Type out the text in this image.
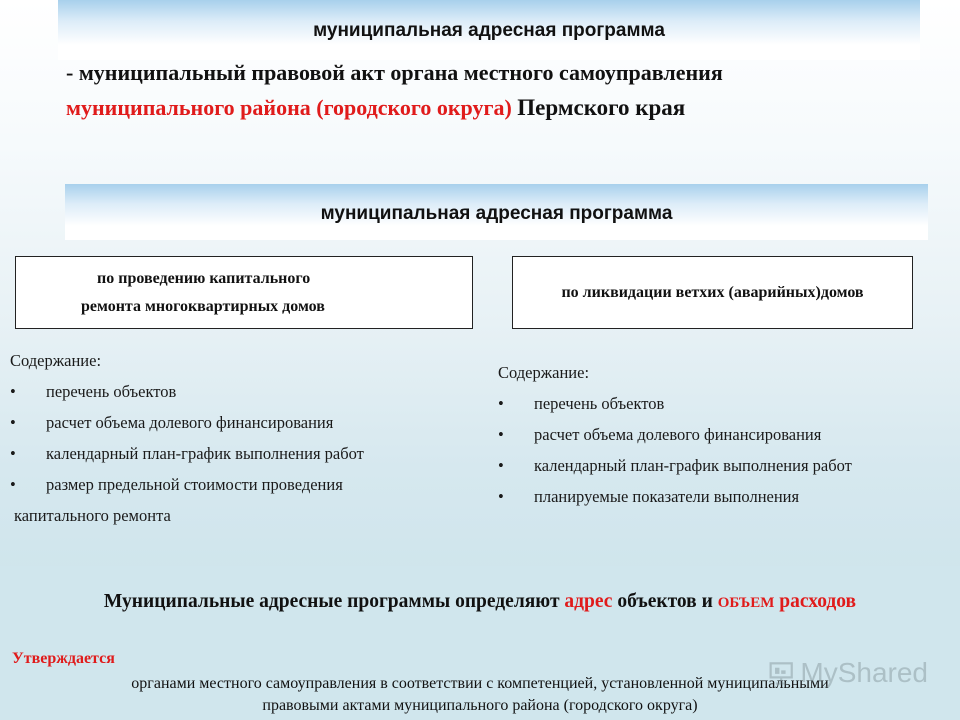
муниципальная адресная программа
- муниципальный правовой акт органа местного самоуправления
муниципального района (городского округа) Пермского края
муниципальная адресная программа
по проведению капитального
ремонта многоквартирных домов
по ликвидации ветхих (аварийных)домов
Содержание:
• перечень объектов
• расчет объема долевого финансирования
• календарный план-график выполнения работ
• размер предельной стоимости проведения
капитального ремонта
Содержание:
• перечень объектов
• расчет объема долевого финансирования
• календарный план-график выполнения работ
• планируемые показатели выполнения
Муниципальные адресные программы определяют адрес объектов и ОБЪЕМ расходов
Утверждается
органами местного самоуправления в соответствии с компетенцией, установленной муниципальными
правовыми актами муниципального района (городского округа)
MyShared
